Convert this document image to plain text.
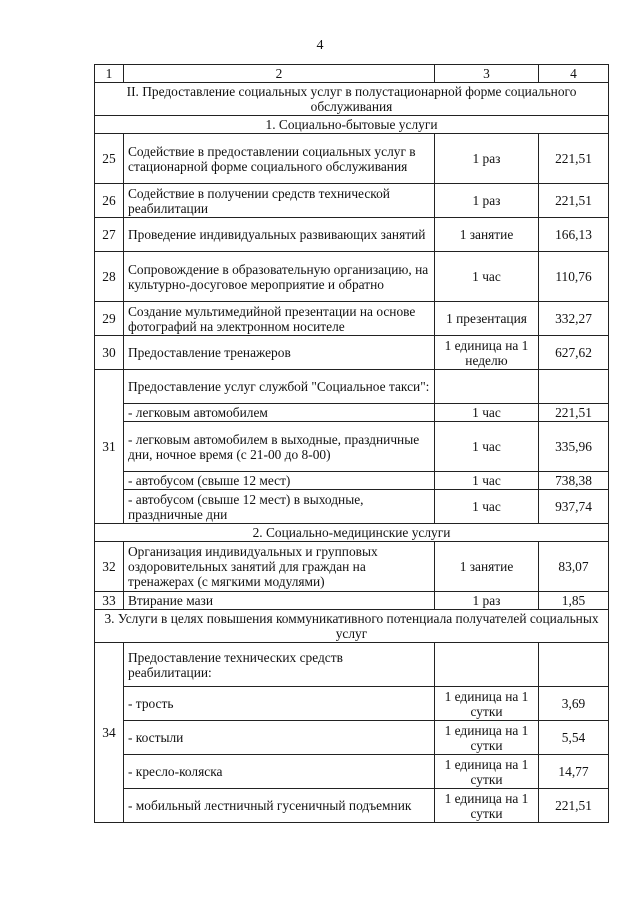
4
1	2	3	4
II. Предоставление социальных услуг в полустационарной форме социального обслуживания			
1. Социально-бытовые услуги			
25	Содействие в предоставлении социальных услуг в стационарной форме социального обслуживания	1 раз	221,51
26	Содействие в получении средств технической реабилитации	1 раз	221,51
27	Проведение индивидуальных развивающих занятий	1 занятие	166,13
28	Сопровождение в образовательную организацию, на культурно-досуговое мероприятие и обратно	1 час	110,76
29	Создание мультимедийной презентации на основе фотографий на электронном носителе	1 презентация	332,27
30	Предоставление тренажеров	1 единица на 1 неделю	627,62
31	Предоставление услуг службой "Социальное такси":		
	- легковым автомобилем	1 час	221,51
	- легковым автомобилем в выходные, праздничные дни, ночное время (с 21-00 до 8-00)	1 час	335,96
	- автобусом (свыше 12 мест)	1 час	738,38
	- автобусом (свыше 12 мест) в выходные, праздничные дни	1 час	937,74
2. Социально-медицинские услуги			
32	Организация индивидуальных и групповых оздоровительных занятий для граждан на тренажерах (с мягкими модулями)	1 занятие	83,07
33	Втирание мази	1 раз	1,85
3. Услуги в целях повышения коммуникативного потенциала получателей социальных услуг			
34	Предоставление технических средств реабилитации:		
	- трость	1 единица на 1 сутки	3,69
	- костыли	1 единица на 1 сутки	5,54
	- кресло-коляска	1 единица на 1 сутки	14,77
	- мобильный лестничный гусеничный подъемник	1 единица на 1 сутки	221,51
